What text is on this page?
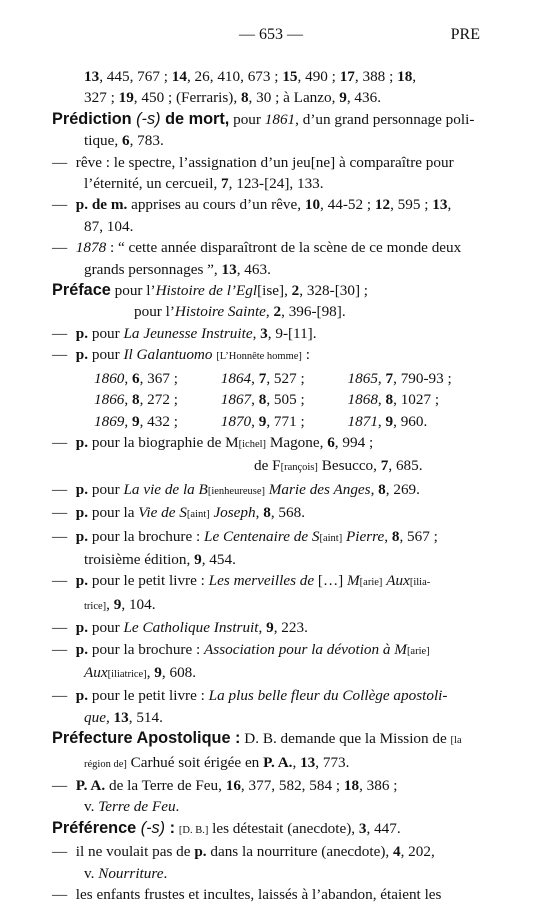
— 653 —	PRE
13, 445, 767 ; 14, 26, 410, 673 ; 15, 490 ; 17, 388 ; 18,
327 ; 19, 450 ; (Ferraris), 8, 30 ; à Lanzo, 9, 436.
Prédiction (-s) de mort, pour 1861, d’un grand personnage poli-
tique, 6, 783.
— rêve : le spectre, l’assignation d’un jeu[ne] à comparaître pour
l’éternité, un cercueil, 7, 123-[24], 133.
— p. de m. apprises au cours d’un rêve, 10, 44-52 ; 12, 595 ; 13,
87, 104.
— 1878 : “ cette année disparaîtront de la scène de ce monde deux
grands personnages ”, 13, 463.
Préface pour l’Histoire de l’Egl[ise], 2, 328-[30] ;
pour l’Histoire Sainte, 2, 396-[98].
— p. pour La Jeunesse Instruite, 3, 9-[11].
— p. pour Il Galantuomo [L’Honnête homme] :
1860, 6, 367 ;	1864, 7, 527 ;	1865, 7, 790-93 ;
1866, 8, 272 ;	1867, 8, 505 ;	1868, 8, 1027 ;
1869, 9, 432 ;	1870, 9, 771 ;	1871, 9, 960.
— p. pour la biographie de M[ichel] Magone, 6, 994 ;
de F[rançois] Besucco, 7, 685.
— p. pour La vie de la B[ienheureuse] Marie des Anges, 8, 269.
— p. pour la Vie de S[aint] Joseph, 8, 568.
— p. pour la brochure : Le Centenaire de S[aint] Pierre, 8, 567 ;
troisième édition, 9, 454.
— p. pour le petit livre : Les merveilles de […] M[arie] Aux[ilia-
trice], 9, 104.
— p. pour Le Catholique Instruit, 9, 223.
— p. pour la brochure : Association pour la dévotion à M[arie]
Aux[iliatrice], 9, 608.
— p. pour le petit livre : La plus belle fleur du Collège apostoli-
que, 13, 514.
Préfecture Apostolique : D. B. demande que la Mission de [la
région de] Carhué soit érigée en P. A., 13, 773.
— P. A. de la Terre de Feu, 16, 377, 582, 584 ; 18, 386 ;
v. Terre de Feu.
Préférence (-s) : [D. B.] les détestait (anecdote), 3, 447.
— il ne voulait pas de p. dans la nourriture (anecdote), 4, 202,
v. Nourriture.
— les enfants frustes et incultes, laissés à l’abandon, étaient les
